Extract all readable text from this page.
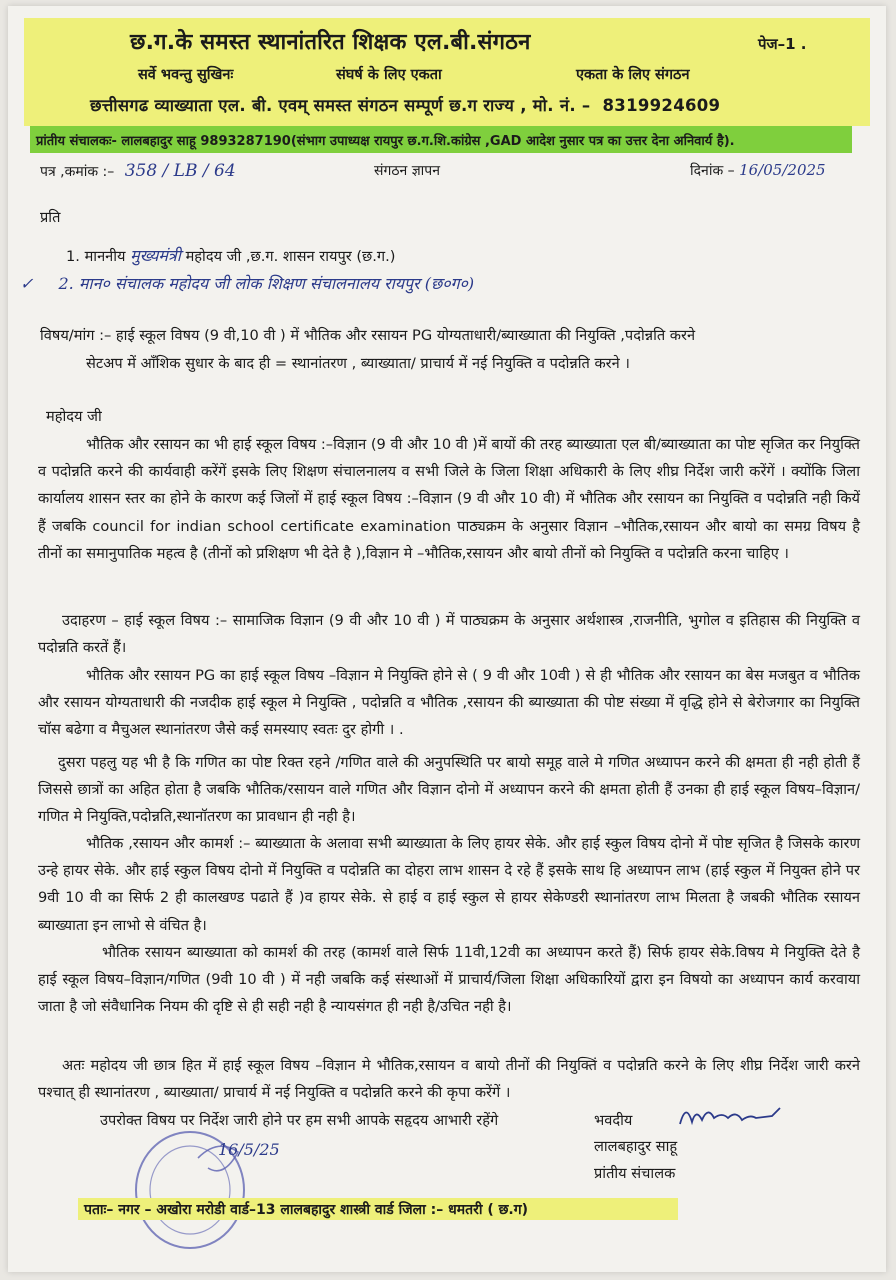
छ.ग.के समस्त स्थानांतरित शिक्षक एल.बी.संगठन	पेज–1 .
सर्वे भवन्तु सुखिनः	संघर्ष के लिए एकता	एकता के लिए संगठन
छत्तीसगढ व्याख्याता एल. बी. एवम् समस्त संगठन सम्पूर्ण छ.ग राज्य , मो. नं. – 8319924609
प्रांतीय संचालकः- लालबहादुर साहू 9893287190(संभाग उपाध्यक्ष रायपुर छ.ग.शि.कांग्रेस ,GAD आदेश नुसार पत्र का उत्तर देना अनिवार्य है).
पत्र ,कमांक :– 358 / LB / 64	संगठन ज्ञापन	दिनांक – 16/05/2025
प्रति
1. माननीय मुख्यमंत्री महोदय जी ,छ.ग. शासन रायपुर (छ.ग.)
✓ 2. मान० संचालक महोदय जी लोक शिक्षण संचालनालय रायपुर (छ०ग०)
विषय/मांग :– हाई स्कूल विषय (9 वी,10 वी ) में भौतिक और रसायन PG योग्यताधारी/ब्याख्याता की नियुक्ति ,पदोन्नति करने
सेटअप में आँशिक सुधार के बाद ही = स्थानांतरण , ब्याख्याता/ प्राचार्य में नई नियुक्ति व पदोन्नति करने ।
महोदय जी
भौतिक और रसायन का भी हाई स्कूल विषय :–विज्ञान (9 वी और 10 वी )में बायों की तरह ब्याख्याता एल बी/ब्याख्याता का पोष्ट सृजित कर नियुक्ति व पदोन्नति करने की कार्यवाही करेंगें इसके लिए शिक्षण संचालनालय व सभी जिले के जिला शिक्षा अधिकारी के लिए शीघ्र निर्देश जारी करेंगें । क्योंकि जिला कार्यालय शासन स्तर का होने के कारण कई जिलों में हाई स्कूल विषय :–विज्ञान (9 वी और 10 वी) में भौतिक और रसायन का नियुक्ति व पदोन्नति नही कियें हैं जबकि council for indian school certificate examination पाठ्यक्रम के अनुसार विज्ञान –भौतिक,रसायन और बायो का समग्र विषय है तीनों का समानुपातिक महत्व है (तीनों को प्रशिक्षण भी देते है ),विज्ञान मे –भौतिक,रसायन और बायो तीनों को नियुक्ति व पदोन्नति करना चाहिए ।
उदाहरण – हाई स्कूल विषय :– सामाजिक विज्ञान (9 वी और 10 वी ) में पाठ्यक्रम के अनुसार अर्थशास्त्र ,राजनीति, भुगोल व इतिहास की नियुक्ति व पदोन्नति करतें हैं।
भौतिक और रसायन PG का हाई स्कूल विषय –विज्ञान मे नियुक्ति होने से ( 9 वी और 10वी ) से ही भौतिक और रसायन का बेस मजबुत व भौतिक और रसायन योग्यताधारी की नजदीक हाई स्कूल मे नियुक्ति , पदोन्नति व भौतिक ,रसायन की ब्याख्याता की पोष्ट संख्या में वृद्धि होने से बेरोजगार का नियुक्ति चॉस बढेगा व मैचुअल स्थानांतरण जैसे कई समस्याए स्वतः दुर होगी । .
दुसरा पहलु यह भी है कि गणित का पोष्ट रिक्त रहने /गणित वाले की अनुपस्थिति पर बायो समूह वाले मे गणित अध्यापन करने की क्षमता ही नही होती हैं जिससे छात्रों का अहित होता है जबकि भौतिक/रसायन वाले गणित और विज्ञान दोनो में अध्यापन करने की क्षमता होती हैं उनका ही हाई स्कूल विषय–विज्ञान/गणित मे नियुक्ति,पदोन्नति,स्थानॉतरण का प्रावधान ही नही है।
भौतिक ,रसायन और कामर्श :– ब्याख्याता के अलावा सभी ब्याख्याता के लिए हायर सेके. और हाई स्कुल विषय दोनो में पोष्ट सृजित है जिसके कारण उन्हे हायर सेके. और हाई स्कुल विषय दोनो में नियुक्ति व पदोन्नति का दोहरा लाभ शासन दे रहे हैं इसके साथ हि अध्यापन लाभ (हाई स्कुल में नियुक्त होने पर 9वी 10 वी का सिर्फ 2 ही कालखण्ड पढाते हैं )व हायर सेके. से हाई व हाई स्कुल से हायर सेकेण्डरी स्थानांतरण लाभ मिलता है जबकी भौतिक रसायन ब्याख्याता इन लाभो से वंचित है।
भौतिक रसायन ब्याख्याता को कामर्श की तरह (कामर्श वाले सिर्फ 11वी,12वी का अध्यापन करते हैं) सिर्फ हायर सेके.विषय मे नियुक्ति देते है हाई स्कूल विषय–विज्ञान/गणित (9वी 10 वी ) में नही जबकि कई संस्थाओं में प्राचार्य/जिला शिक्षा अधिकारियों द्वारा इन विषयो का अध्यापन कार्य करवाया जाता है जो संवैधानिक नियम की दृष्टि से ही सही नही है न्यायसंगत ही नही है/उचित नही है।
अतः महोदय जी छात्र हित में हाई स्कूल विषय –विज्ञान मे भौतिक,रसायन व बायो तीनों की नियुक्तिं व पदोन्नति करने के लिए शीघ्र निर्देश जारी करने पश्चात् ही स्थानांतरण , ब्याख्याता/ प्राचार्य में नई नियुक्ति व पदोन्नति करने की कृपा करेंगें ।
उपरोक्त विषय पर निर्देश जारी होने पर हम सभी आपके सहृदय आभारी रहेंगे	भवदीय
लालबहादुर साहू
प्रांतीय संचालक
16/5/25
पताः– नगर – अखोरा मरोडी वार्ड–13 लालबहादुर शास्त्री वार्ड जिला :– धमतरी ( छ.ग)
